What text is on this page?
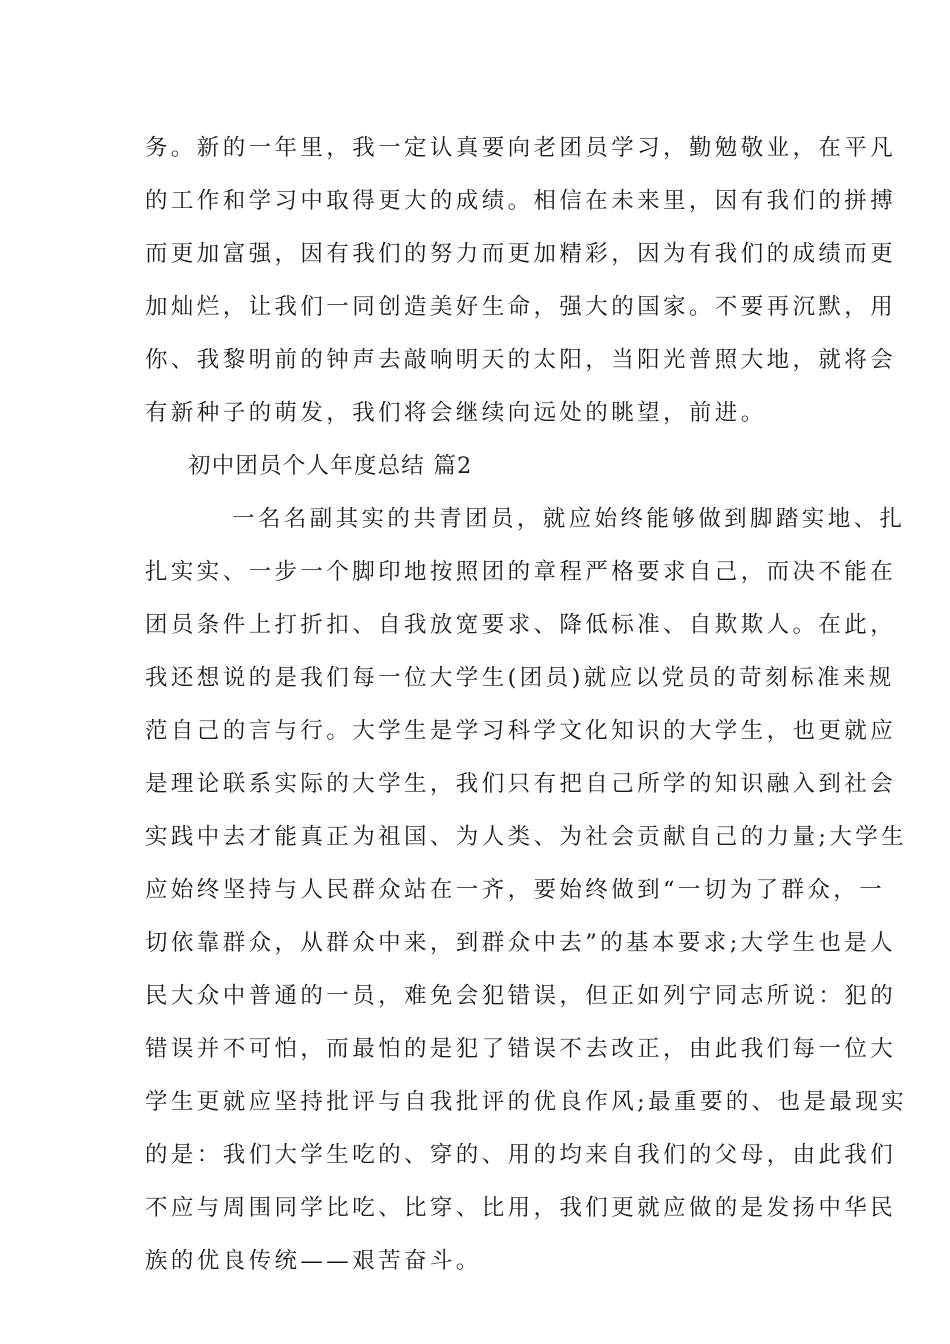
务。新的一年里，我一定认真要向老团员学习，勤勉敬业，在平凡
的工作和学习中取得更大的成绩。相信在未来里，因有我们的拼搏
而更加富强，因有我们的努力而更加精彩，因为有我们的成绩而更
加灿烂，让我们一同创造美好生命，强大的国家。不要再沉默，用
你、我黎明前的钟声去敲响明天的太阳，当阳光普照大地，就将会
有新种子的萌发，我们将会继续向远处的眺望，前进。
初中团员个人年度总结 篇2
一名名副其实的共青团员，就应始终能够做到脚踏实地、扎
扎实实、一步一个脚印地按照团的章程严格要求自己，而决不能在
团员条件上打折扣、自我放宽要求、降低标准、自欺欺人。在此，
我还想说的是我们每一位大学生(团员)就应以党员的苛刻标准来规
范自己的言与行。大学生是学习科学文化知识的大学生，也更就应
是理论联系实际的大学生，我们只有把自己所学的知识融入到社会
实践中去才能真正为祖国、为人类、为社会贡献自己的力量;大学生
应始终坚持与人民群众站在一齐，要始终做到“一切为了群众，一
切依靠群众，从群众中来，到群众中去”的基本要求;大学生也是人
民大众中普通的一员，难免会犯错误，但正如列宁同志所说：犯的
错误并不可怕，而最怕的是犯了错误不去改正，由此我们每一位大
学生更就应坚持批评与自我批评的优良作风;最重要的、也是最现实
的是：我们大学生吃的、穿的、用的均来自我们的父母，由此我们
不应与周围同学比吃、比穿、比用，我们更就应做的是发扬中华民
族的优良传统——艰苦奋斗。
